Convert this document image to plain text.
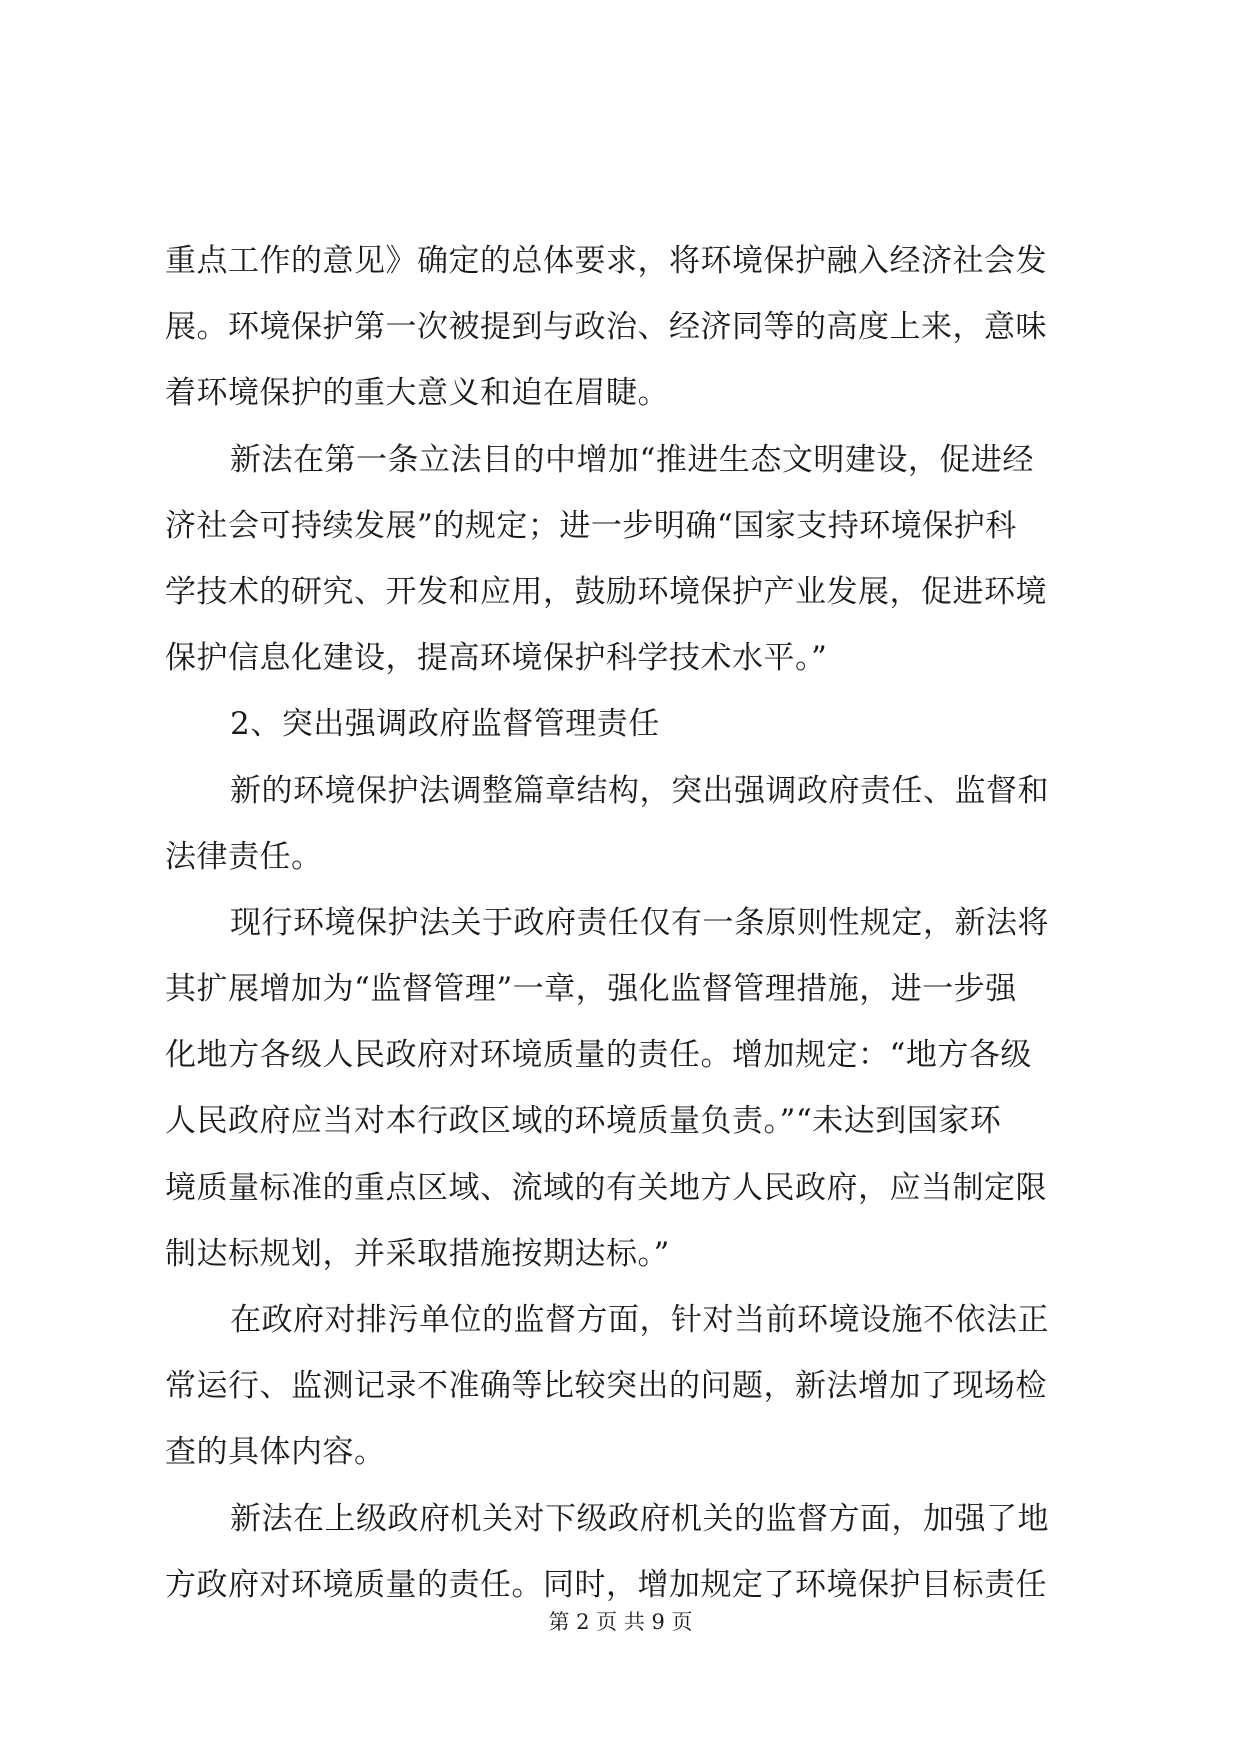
重点工作的意见》确定的总体要求，将环境保护融入经济社会发
展。环境保护第一次被提到与政治、经济同等的高度上来，意味
着环境保护的重大意义和迫在眉睫。
新法在第一条立法目的中增加“推进生态文明建设，促进经
济社会可持续发展”的规定；进一步明确“国家支持环境保护科
学技术的研究、开发和应用，鼓励环境保护产业发展，促进环境
保护信息化建设，提高环境保护科学技术水平。”
2、突出强调政府监督管理责任
新的环境保护法调整篇章结构，突出强调政府责任、监督和
法律责任。
现行环境保护法关于政府责任仅有一条原则性规定，新法将
其扩展增加为“监督管理”一章，强化监督管理措施，进一步强
化地方各级人民政府对环境质量的责任。增加规定：“地方各级
人民政府应当对本行政区域的环境质量负责。”“未达到国家环
境质量标准的重点区域、流域的有关地方人民政府，应当制定限
制达标规划，并采取措施按期达标。”
在政府对排污单位的监督方面，针对当前环境设施不依法正
常运行、监测记录不准确等比较突出的问题，新法增加了现场检
查的具体内容。
新法在上级政府机关对下级政府机关的监督方面，加强了地
方政府对环境质量的责任。同时，增加规定了环境保护目标责任
第 2 页 共 9 页
